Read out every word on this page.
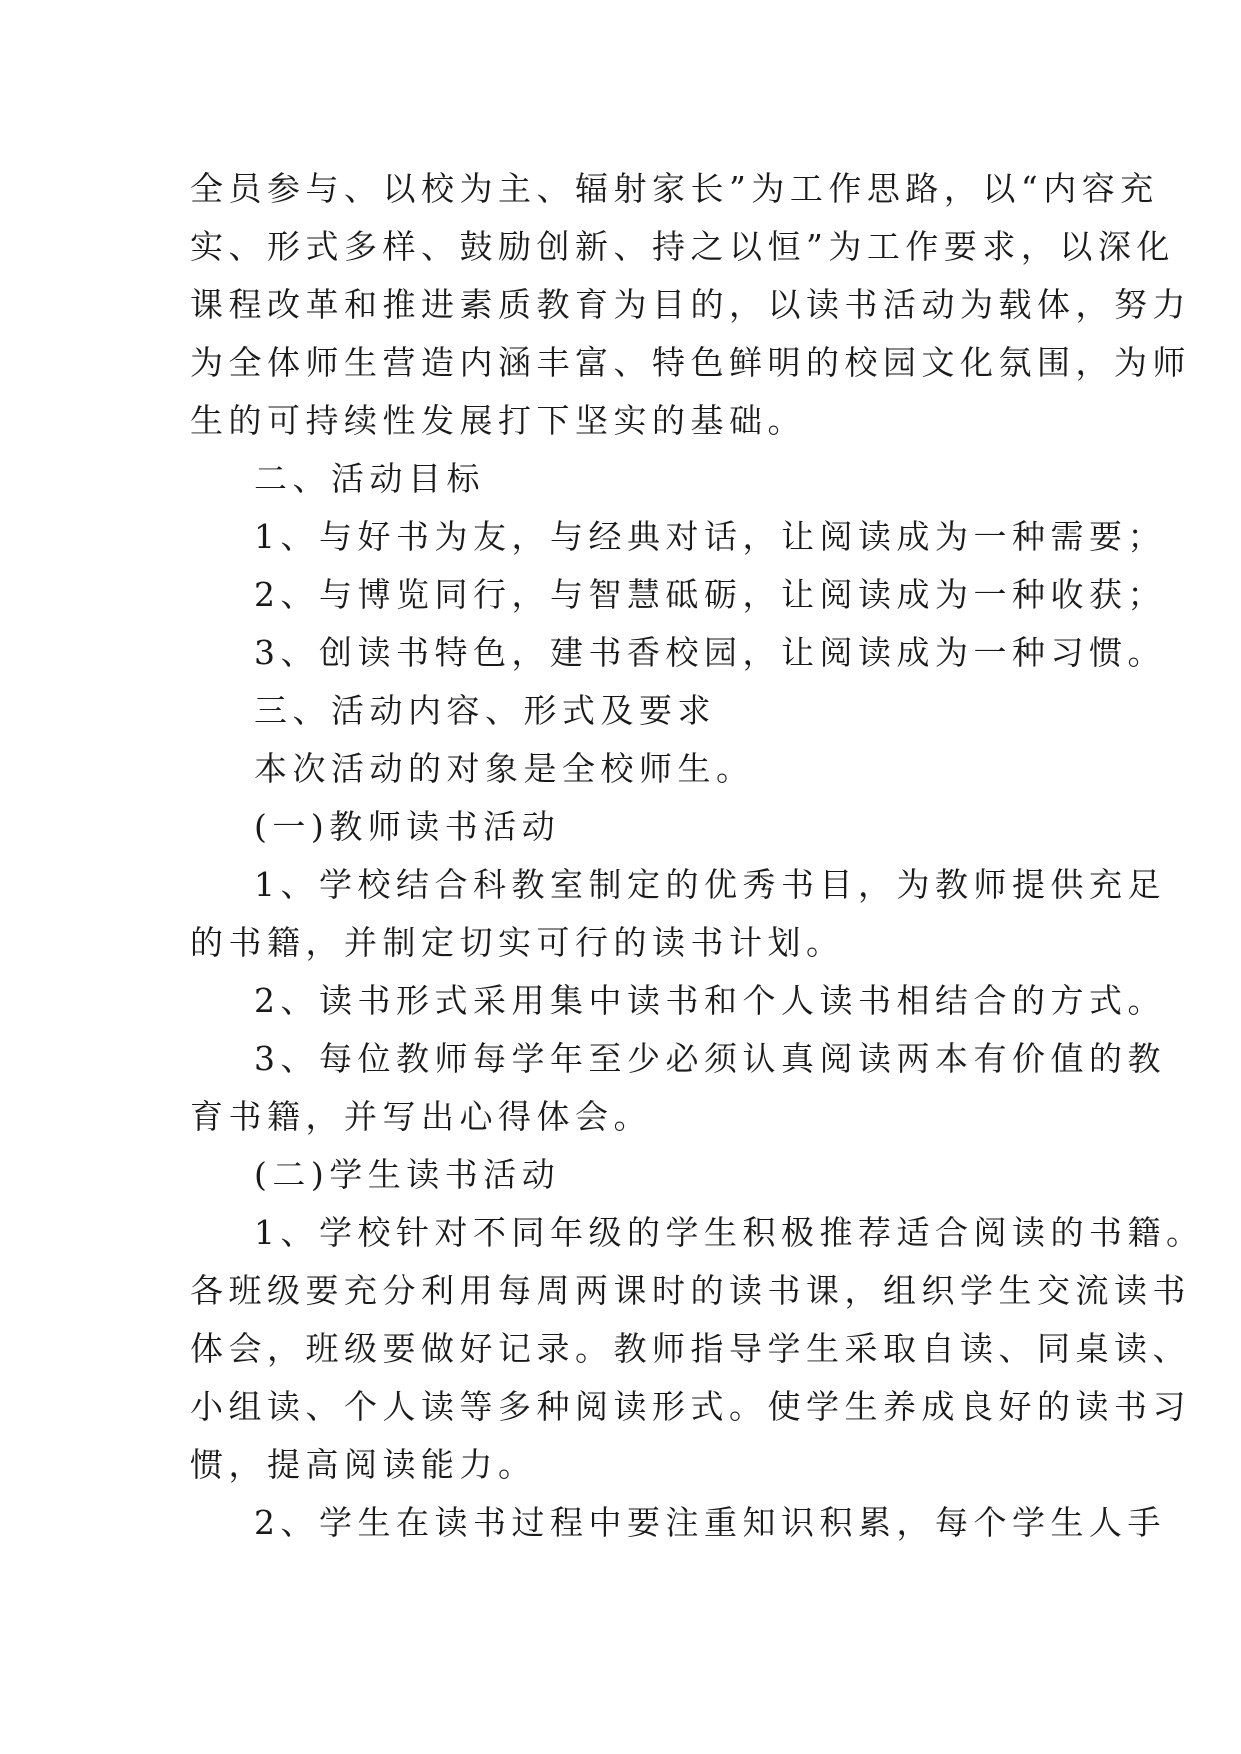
全员参与、以校为主、辐射家长”为工作思路，以“内容充
实、形式多样、鼓励创新、持之以恒”为工作要求，以深化
课程改革和推进素质教育为目的，以读书活动为载体，努力
为全体师生营造内涵丰富、特色鲜明的校园文化氛围，为师
生的可持续性发展打下坚实的基础。
二、活动目标
1、与好书为友，与经典对话，让阅读成为一种需要；
2、与博览同行，与智慧砥砺，让阅读成为一种收获；
3、创读书特色，建书香校园，让阅读成为一种习惯。
三、活动内容、形式及要求
本次活动的对象是全校师生。
(一)教师读书活动
1、学校结合科教室制定的优秀书目，为教师提供充足
的书籍，并制定切实可行的读书计划。
2、读书形式采用集中读书和个人读书相结合的方式。
3、每位教师每学年至少必须认真阅读两本有价值的教
育书籍，并写出心得体会。
(二)学生读书活动
1、学校针对不同年级的学生积极推荐适合阅读的书籍。
各班级要充分利用每周两课时的读书课，组织学生交流读书
体会，班级要做好记录。教师指导学生采取自读、同桌读、
小组读、个人读等多种阅读形式。使学生养成良好的读书习
惯，提高阅读能力。
2、学生在读书过程中要注重知识积累，每个学生人手
